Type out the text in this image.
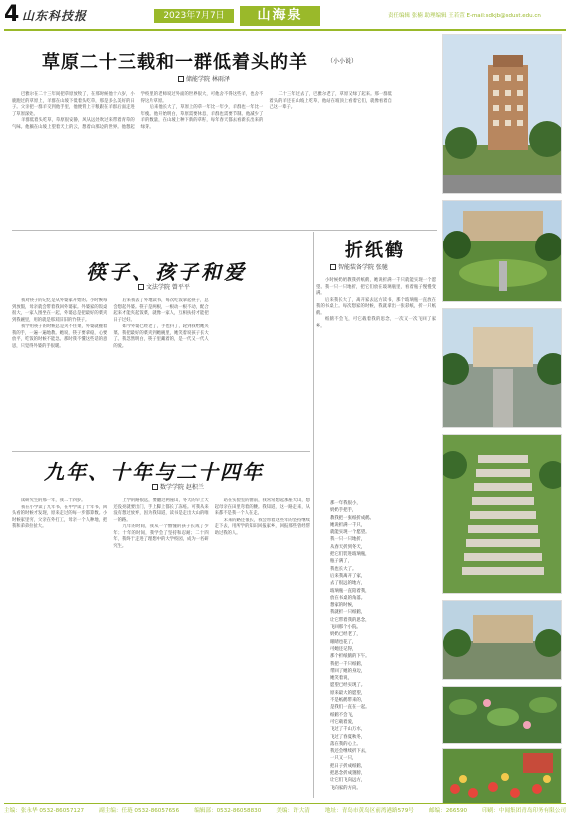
4 山东科技报	2023年7月7日	山海泉	责任编辑 张楠 助理编辑 王若萱 E-mail:sdkjb@sdust.edu.cn
草原二十三载和一群低着头的羊	（小小说）
储能学院 林雨泽

巴雅尔在二十三年间把草原放牧了，在那时候他十六岁，小鹿跑过的草原上，羊群在山坡下低着头吃草，那是多么美好的日子。父亲把一群羊交到他手里，他便背上干粮跟在羊群后面走进了草原深处。

羊群低着头吃草，草原很安静，风从远处吹过来带着青草的气味。他躺在山坡上望着天上的云，想着山那边的世界。他想起学校里的老师说过外面的世界很大，可他舍不得这些羊，也舍不得这片草原。

后来他长大了，草原上的草一年比一年少，羊群也一年比一年瘦。他开始明白，草原需要休息，羊群也需要节制。他减少了羊的数量，在山坡上种下新的草籽，每年春天都去看新长出来的绿芽。

二十三年过去了，巴雅尔老了，草原又绿了起来。那一群低着头的羊还在山坡上吃草，他站在坡顶上看着它们，就像看着自己这一辈子。

筷子、孩子和爱
文法学院 曾平平

我对筷子的记忆是从外婆家开始的。小时候每到放假，母亲就会带着我回外婆家。外婆家的饭桌很大，一家人围坐在一起，外婆总是把最好的菜夹到我碗里，用的就是那双旧旧的竹筷子。

我学用筷子的时候总是夹不住菜，外婆就握着我的手，一遍一遍地教。她说，筷子要拿稳，心要放平，吃饭的时候不能急。那时我不懂这些话的意思，只觉得外婆的手很暖。

后来我去了外地读书，每次吃饭拿起筷子，总会想起外婆。筷子是两根，一根动一根不动，配合起来才能夹起饭菜，就像一家人，互相扶持才能把日子过好。

如今外婆已经老了，手也抖了，轮到我给她夹菜。我把最好的菜夹到她碗里，她笑着说孩子长大了。我忽然明白，筷子里藏着的，是一代又一代人的爱。

九年、十年与二十四年
数学学院 赵积兰

读研究生的那一年，我二十四岁。

我在小学读了九年书，在中学读了十年书，回头看的时候才发现，原来走过的每一步都算数。小时候家里穷，父亲在外打工，母亲一个人种地，把我和弟弟拉扯大。

上学的路很远，要翻过两座山，冬天的早上天还没亮就要出门，手上脚上都长了冻疮。可我从来没有想过放弃，因为我知道，读书是走出大山的唯一的路。

九年的时间，我从一个懵懂的孩子长成了少年；十年的时间，我学会了坚持和忍耐；二十四年，我终于走进了理想中的大学校园，成为一名研究生。

站在实验室的窗前，我常常想起那座大山，想起母亲在田里弯着的腰。我知道，这一路走来，从来都不是我一个人在走。

未来的路还很长，我会带着这些年的坚持继续走下去，用所学的知识回报家乡，回报那些曾经帮助过我的人。

折纸鹤
智能装备学院 张驰

小时候奶奶教我折纸鹤，她说折满一千只就能实现一个愿望。我一只一只地折，把它们放在玻璃瓶里，看着瓶子慢慢变满。

后来我长大了，离开家去远方读书，那个玻璃瓶一直放在我的书桌上。每次想家的时候，我就拿出一张彩纸，折一只纸鹤。

纸鹤不会飞，可它载着我的思念，一次又一次飞回了家乡。

那一年我很小，
奶奶手把手，
教我把一张纸折成鹤。
她说折满一千只，
就能实现一个愿望。
我一只一只地折，
从春天折到冬天，
把它们装进玻璃瓶，
瓶子满了，
我也长大了。
后来我离开了家，
去了很远的地方，
玻璃瓶一直陪着我，
放在书桌的角落。
想家的时候，
我就折一只纸鹤，
让它带着我的思念，
飞回那个小院。
奶奶已经老了，
眼睛也花了，
可她还记得，
那个折纸鹤的下午。
我把一千只纸鹤，
带回了她的身边，
她笑着说，
愿望已经实现了。
原来最大的愿望，
不是纸鹤带来的，
是我们一直在一起。
纸鹤不会飞，
可它载着爱，
飞过了千山万水，
飞过了春夏秋冬，
落在我的心上。
我还会继续折下去，
一只又一只，
把日子折成纸鹤，
把思念折成翅膀，
让它们飞向远方，
飞向家的方向。
主编：张永华 0532-86057127	副主编：任琏 0532-86057656	编辑部：0532-86058830	美编：许大清	地址：青岛市黄岛区前湾港路579号	邮编：266590	印刷：中闻集团青岛印务有限公司
